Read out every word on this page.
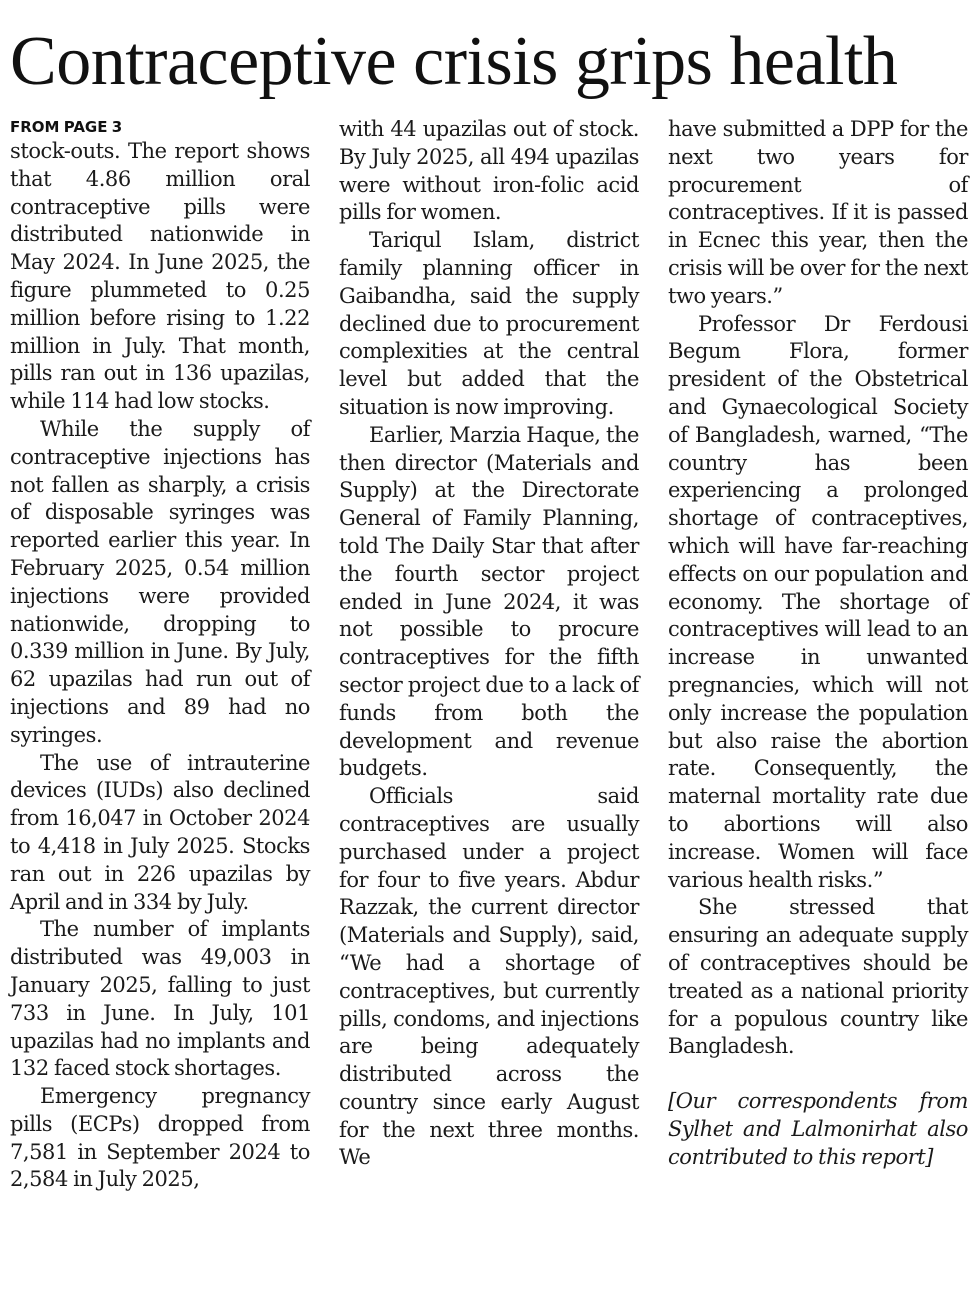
Contraceptive crisis grips health
FROM PAGE 3

stock-outs. The report shows that 4.86 million oral contraceptive pills were distributed nationwide in May 2024. In June 2025, the figure plummeted to 0.25 million before rising to 1.22 million in July. That month, pills ran out in 136 upazilas, while 114 had low stocks.

While the supply of contraceptive injections has not fallen as sharply, a crisis of disposable syringes was reported earlier this year. In February 2025, 0.54 million injections were provided nationwide, dropping to 0.339 million in June. By July, 62 upazilas had run out of injections and 89 had no syringes.

The use of intrauterine devices (IUDs) also declined from 16,047 in October 2024 to 4,418 in July 2025. Stocks ran out in 226 upazilas by April and in 334 by July.

The number of implants distributed was 49,003 in January 2025, falling to just 733 in June. In July, 101 upazilas had no implants and 132 faced stock shortages.

Emergency pregnancy pills (ECPs) dropped from 7,581 in September 2024 to 2,584 in July 2025,

with 44 upazilas out of stock. By July 2025, all 494 upazilas were without iron-folic acid pills for women.

Tariqul Islam, district family planning officer in Gaibandha, said the supply declined due to procurement complexities at the central level but added that the situation is now improving.

Earlier, Marzia Haque, the then director (Materials and Supply) at the Directorate General of Family Planning, told The Daily Star that after the fourth sector project ended in June 2024, it was not possible to procure contraceptives for the fifth sector project due to a lack of funds from both the development and revenue budgets.

Officials said contraceptives are usually purchased under a project for four to five years. Abdur Razzak, the current director (Materials and Supply), said, “We had a shortage of contraceptives, but currently pills, condoms, and injections are being adequately distributed across the country since early August for the next three months. We

have submitted a DPP for the next two years for procurement of contraceptives. If it is passed in Ecnec this year, then the crisis will be over for the next two years.”

Professor Dr Ferdousi Begum Flora, former president of the Obstetrical and Gynaecological Society of Bangladesh, warned, “The country has been experiencing a prolonged shortage of contraceptives, which will have far-reaching effects on our population and economy. The shortage of contraceptives will lead to an increase in unwanted pregnancies, which will not only increase the population but also raise the abortion rate. Consequently, the maternal mortality rate due to abortions will also increase. Women will face various health risks.”

She stressed that ensuring an adequate supply of contraceptives should be treated as a national priority for a populous country like Bangladesh.

[Our correspondents from Sylhet and Lalmonirhat also contributed to this report]
